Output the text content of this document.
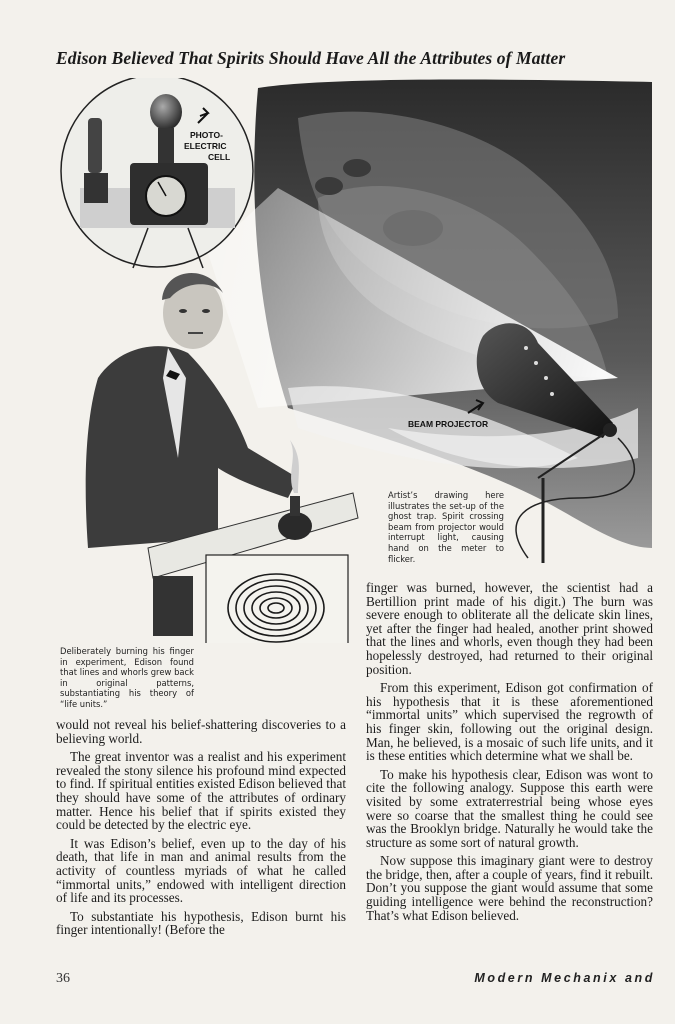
Edison Believed That Spirits Should Have All the Attributes of Matter
PHOTO-
ELECTRIC
CELL
BEAM PROJECTOR

Artist’s drawing here illustrates the set-up of the ghost trap. Spirit crossing beam from projector would interrupt light, causing hand on the meter to flicker.

Deliberately burning his finger in experiment, Edison found that lines and whorls grew back in original patterns, substantiating his theory of “life units.”

would not reveal his belief-shattering discoveries to a believing world.

The great inventor was a realist and his experiment revealed the stony silence his profound mind expected to find. If spiritual entities existed Edison believed that they should have some of the attributes of ordinary matter. Hence his belief that if spirits existed they could be detected by the electric eye.

It was Edison’s belief, even up to the day of his death, that life in man and animal results from the activity of countless myriads of what he called “immortal units,” endowed with intelligent direction of life and its processes.

To substantiate his hypothesis, Edison burnt his finger intentionally! (Before the

finger was burned, however, the scientist had a Bertillion print made of his digit.) The burn was severe enough to obliterate all the delicate skin lines, yet after the finger had healed, another print showed that the lines and whorls, even though they had been hopelessly destroyed, had returned to their original position.

From this experiment, Edison got confirmation of his hypothesis that it is these aforementioned “immortal units” which supervised the regrowth of his finger skin, following out the original design. Man, he believed, is a mosaic of such life units, and it is these entities which determine what we shall be.

To make his hypothesis clear, Edison was wont to cite the following analogy. Suppose this earth were visited by some extraterrestrial being whose eyes were so coarse that the smallest thing he could see was the Brooklyn bridge. Naturally he would take the structure as some sort of natural growth.

Now suppose this imaginary giant were to destroy the bridge, then, after a couple of years, find it rebuilt. Don’t you suppose the giant would assume that some guiding intelligence were behind the reconstruction? That’s what Edison believed.

36	Modern Mechanix and
